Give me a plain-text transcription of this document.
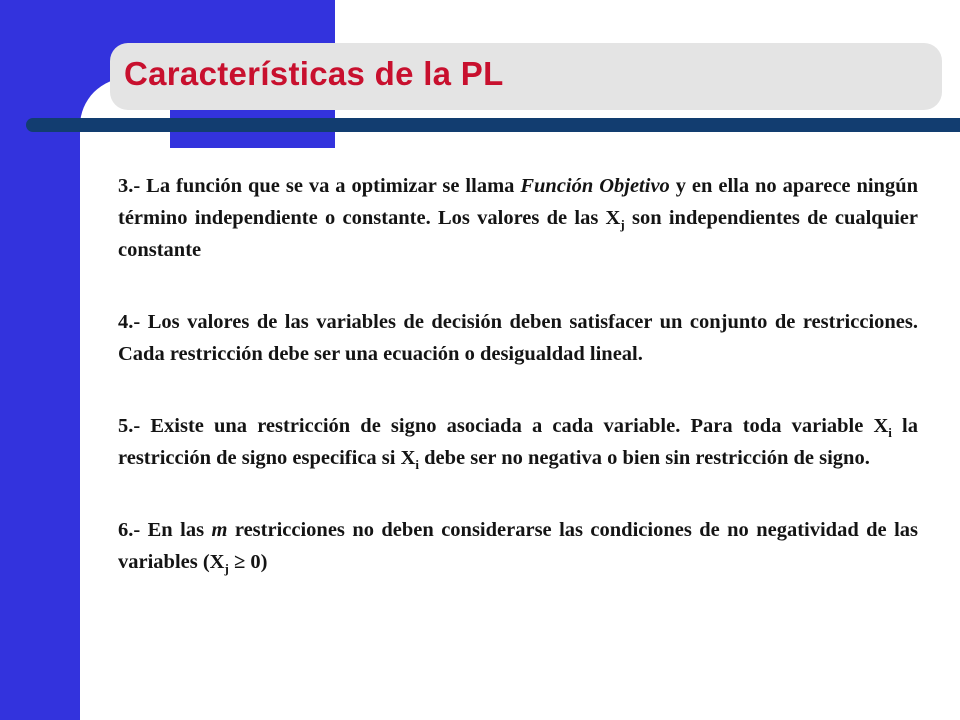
Características de la PL

3.- La función que se va a optimizar se llama Función Objetivo y en ella no aparece ningún término independiente o constante. Los valores de las $X_j$ son independientes de cualquier constante

4.- Los valores de las variables de decisión deben satisfacer un conjunto de restricciones. Cada restricción debe ser una ecuación o desigualdad lineal.

5.- Existe una restricción de signo asociada a cada variable. Para toda variable $X_i$ la restricción de signo especifica si $X_i$ debe ser no negativa o bien sin restricción de signo.

6.- En las m restricciones no deben considerarse las condiciones de no negatividad de las variables $(X_j \ge 0)$
